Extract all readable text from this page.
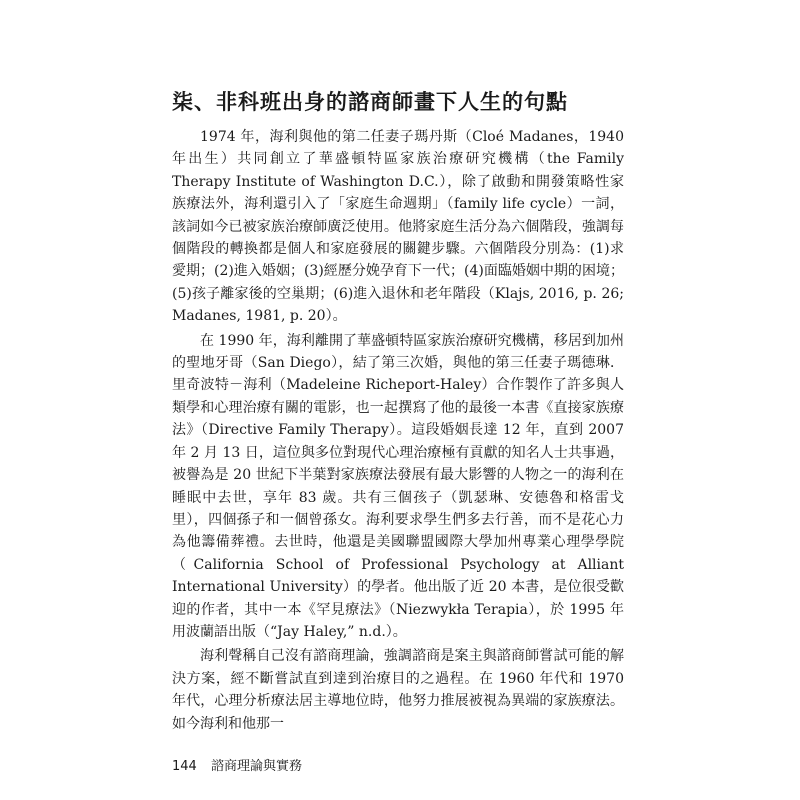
柒、非科班出身的諮商師畫下人生的句點

1974 年，海利與他的第二任妻子瑪丹斯（Cloé Madanes，1940 年出生）共同創立了華盛頓特區家族治療研究機構（the Family Therapy Institute of Washington D.C.），除了啟動和開發策略性家族療法外，海利還引入了「家庭生命週期」（family life cycle）一詞，該詞如今已被家族治療師廣泛使用。他將家庭生活分為六個階段，強調每個階段的轉換都是個人和家庭發展的關鍵步驟。六個階段分別為：(1)求愛期；(2)進入婚姻；(3)經歷分娩孕育下一代；(4)面臨婚姻中期的困境；(5)孩子離家後的空巢期；(6)進入退休和老年階段（Klajs, 2016, p. 26; Madanes, 1981, p. 20）。

在 1990 年，海利離開了華盛頓特區家族治療研究機構，移居到加州的聖地牙哥（San Diego），結了第三次婚，與他的第三任妻子瑪德琳．里奇波特－海利（Madeleine Richeport-Haley）合作製作了許多與人類學和心理治療有關的電影，也一起撰寫了他的最後一本書《直接家族療法》（Directive Family Therapy）。這段婚姻長達 12 年，直到 2007 年 2 月 13 日，這位與多位對現代心理治療極有貢獻的知名人士共事過，被譽為是 20 世紀下半葉對家族療法發展有最大影響的人物之一的海利在睡眠中去世，享年 83 歲。共有三個孩子（凱瑟琳、安德魯和格雷戈里），四個孫子和一個曾孫女。海利要求學生們多去行善，而不是花心力為他籌備葬禮。去世時，他還是美國聯盟國際大學加州專業心理學學院（California School of Professional Psychology at Alliant International University）的學者。他出版了近 20 本書，是位很受歡迎的作者，其中一本《罕見療法》（Niezwykła Terapia），於 1995 年用波蘭語出版（“Jay Haley,” n.d.）。

海利聲稱自己沒有諮商理論，強調諮商是案主與諮商師嘗試可能的解決方案，經不斷嘗試直到達到治療目的之過程。在 1960 年代和 1970 年代，心理分析療法居主導地位時，他努力推展被視為異端的家族療法。如今海利和他那一

144 諮商理論與實務
